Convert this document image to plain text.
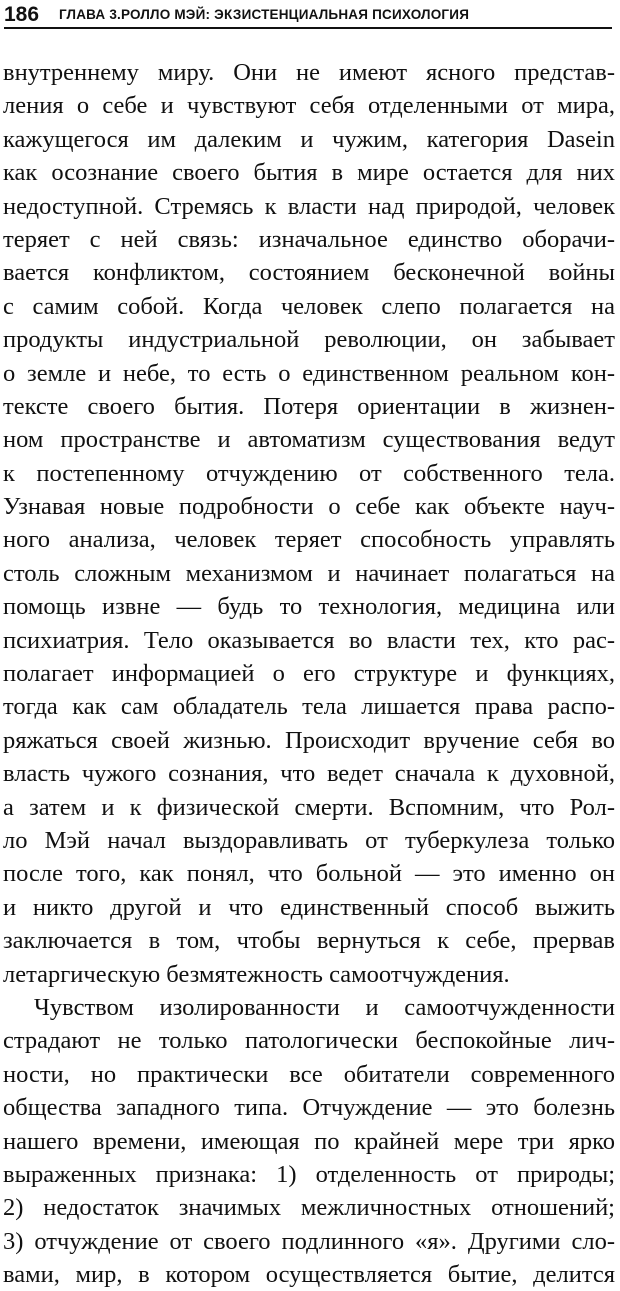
186 ГЛАВА 3.РОЛЛО МЭЙ: ЭКЗИСТЕНЦИАЛЬНАЯ ПСИХОЛОГИЯ
внутреннему миру. Они не имеют ясного представ-
ления о себе и чувствуют себя отделенными от мира,
кажущегося им далеким и чужим, категория Dasein
как осознание своего бытия в мире остается для них
недоступной. Стремясь к власти над природой, человек
теряет с ней связь: изначальное единство оборачи-
вается конфликтом, состоянием бесконечной войны
с самим собой. Когда человек слепо полагается на
продукты индустриальной революции, он забывает
о земле и небе, то есть о единственном реальном кон-
тексте своего бытия. Потеря ориентации в жизнен-
ном пространстве и автоматизм существования ведут
к постепенному отчуждению от собственного тела.
Узнавая новые подробности о себе как объекте науч-
ного анализа, человек теряет способность управлять
столь сложным механизмом и начинает полагаться на
помощь извне — будь то технология, медицина или
психиатрия. Тело оказывается во власти тех, кто рас-
полагает информацией о его структуре и функциях,
тогда как сам обладатель тела лишается права распо-
ряжаться своей жизнью. Происходит вручение себя во
власть чужого сознания, что ведет сначала к духовной,
а затем и к физической смерти. Вспомним, что Рол-
ло Мэй начал выздоравливать от туберкулеза только
после того, как понял, что больной — это именно он
и никто другой и что единственный способ выжить
заключается в том, чтобы вернуться к себе, прервав
летаргическую безмятежность самоотчуждения.
Чувством изолированности и самоотчужденности
страдают не только патологически беспокойные лич-
ности, но практически все обитатели современного
общества западного типа. Отчуждение — это болезнь
нашего времени, имеющая по крайней мере три ярко
выраженных признака: 1) отделенность от природы;
2) недостаток значимых межличностных отношений;
3) отчуждение от своего подлинного «я». Другими сло-
вами, мир, в котором осуществляется бытие, делится
